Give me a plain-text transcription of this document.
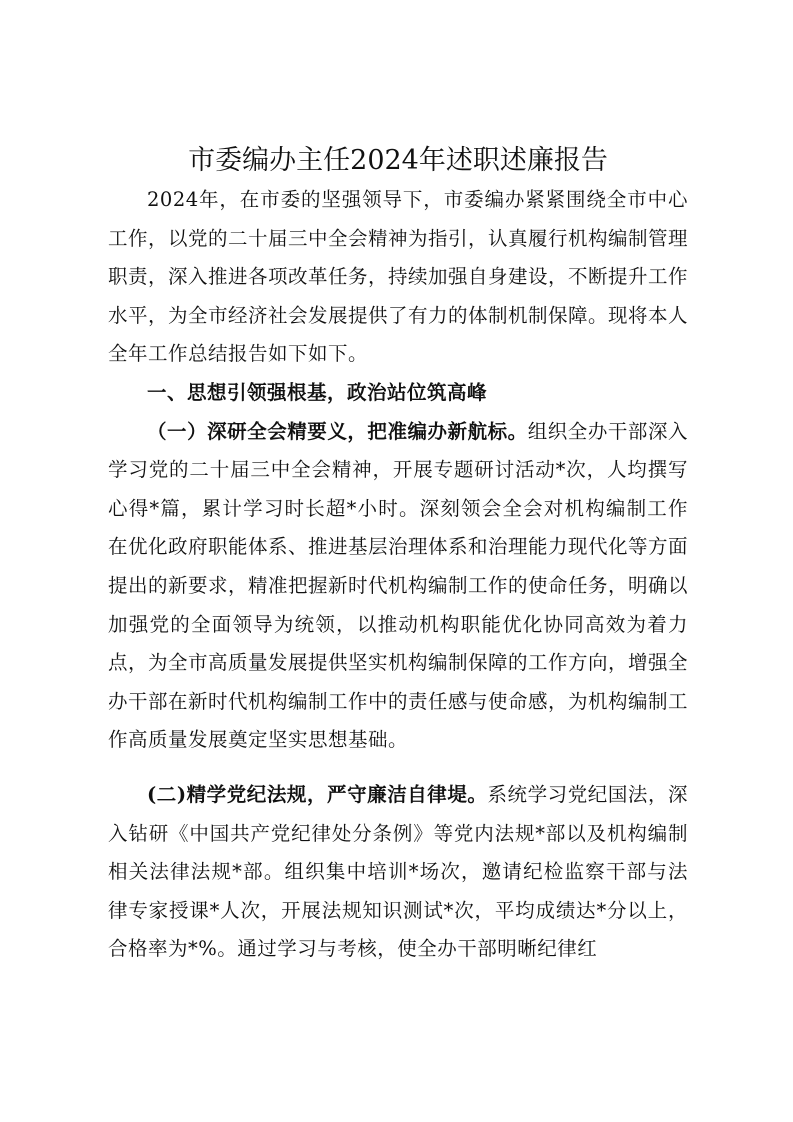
市委编办主任2024年述职述廉报告

2024年，在市委的坚强领导下，市委编办紧紧围绕全市中心工作，以党的二十届三中全会精神为指引，认真履行机构编制管理职责，深入推进各项改革任务，持续加强自身建设，不断提升工作水平，为全市经济社会发展提供了有力的体制机制保障。现将本人全年工作总结报告如下如下。

一、思想引领强根基，政治站位筑高峰

（一）深研全会精要义，把准编办新航标。组织全办干部深入学习党的二十届三中全会精神，开展专题研讨活动*次，人均撰写心得*篇，累计学习时长超*小时。深刻领会全会对机构编制工作在优化政府职能体系、推进基层治理体系和治理能力现代化等方面提出的新要求，精准把握新时代机构编制工作的使命任务，明确以加强党的全面领导为统领，以推动机构职能优化协同高效为着力点，为全市高质量发展提供坚实机构编制保障的工作方向，增强全办干部在新时代机构编制工作中的责任感与使命感，为机构编制工作高质量发展奠定坚实思想基础。

(二)精学党纪法规，严守廉洁自律堤。系统学习党纪国法，深入钻研《中国共产党纪律处分条例》等党内法规*部以及机构编制相关法律法规*部。组织集中培训*场次，邀请纪检监察干部与法律专家授课*人次，开展法规知识测试*次，平均成绩达*分以上，合格率为*%。通过学习与考核，使全办干部明晰纪律红
